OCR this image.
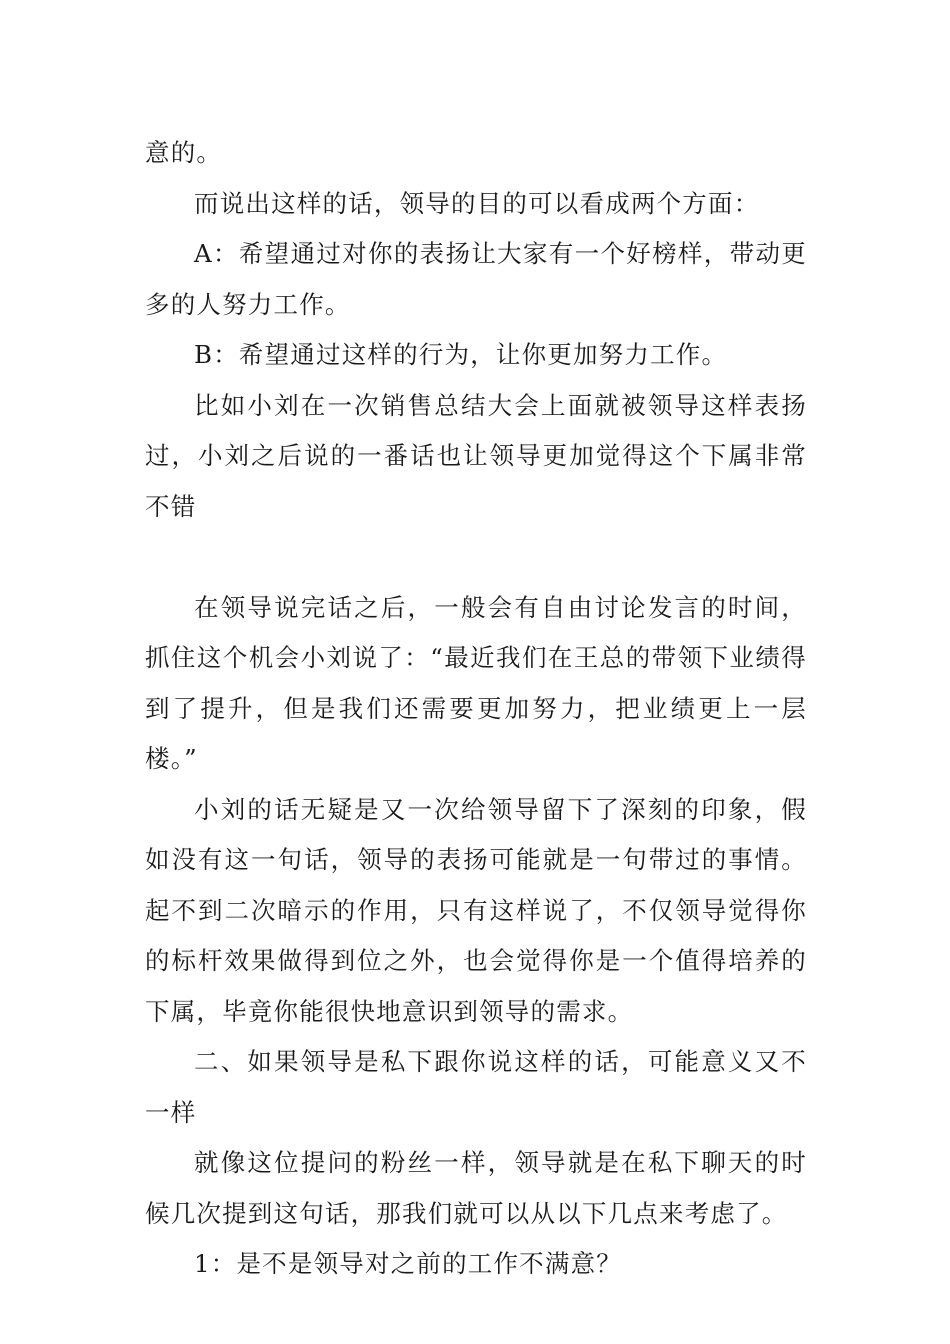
意的。

而说出这样的话，领导的目的可以看成两个方面：

A：希望通过对你的表扬让大家有一个好榜样，带动更多的人努力工作。

B：希望通过这样的行为，让你更加努力工作。

比如小刘在一次销售总结大会上面就被领导这样表扬过，小刘之后说的一番话也让领导更加觉得这个下属非常不错

在领导说完话之后，一般会有自由讨论发言的时间，抓住这个机会小刘说了：“最近我们在王总的带领下业绩得到了提升，但是我们还需要更加努力，把业绩更上一层楼。”

小刘的话无疑是又一次给领导留下了深刻的印象，假如没有这一句话，领导的表扬可能就是一句带过的事情。起不到二次暗示的作用，只有这样说了，不仅领导觉得你的标杆效果做得到位之外，也会觉得你是一个值得培养的下属，毕竟你能很快地意识到领导的需求。

二、如果领导是私下跟你说这样的话，可能意义又不一样

就像这位提问的粉丝一样，领导就是在私下聊天的时候几次提到这句话，那我们就可以从以下几点来考虑了。

1：是不是领导对之前的工作不满意？
